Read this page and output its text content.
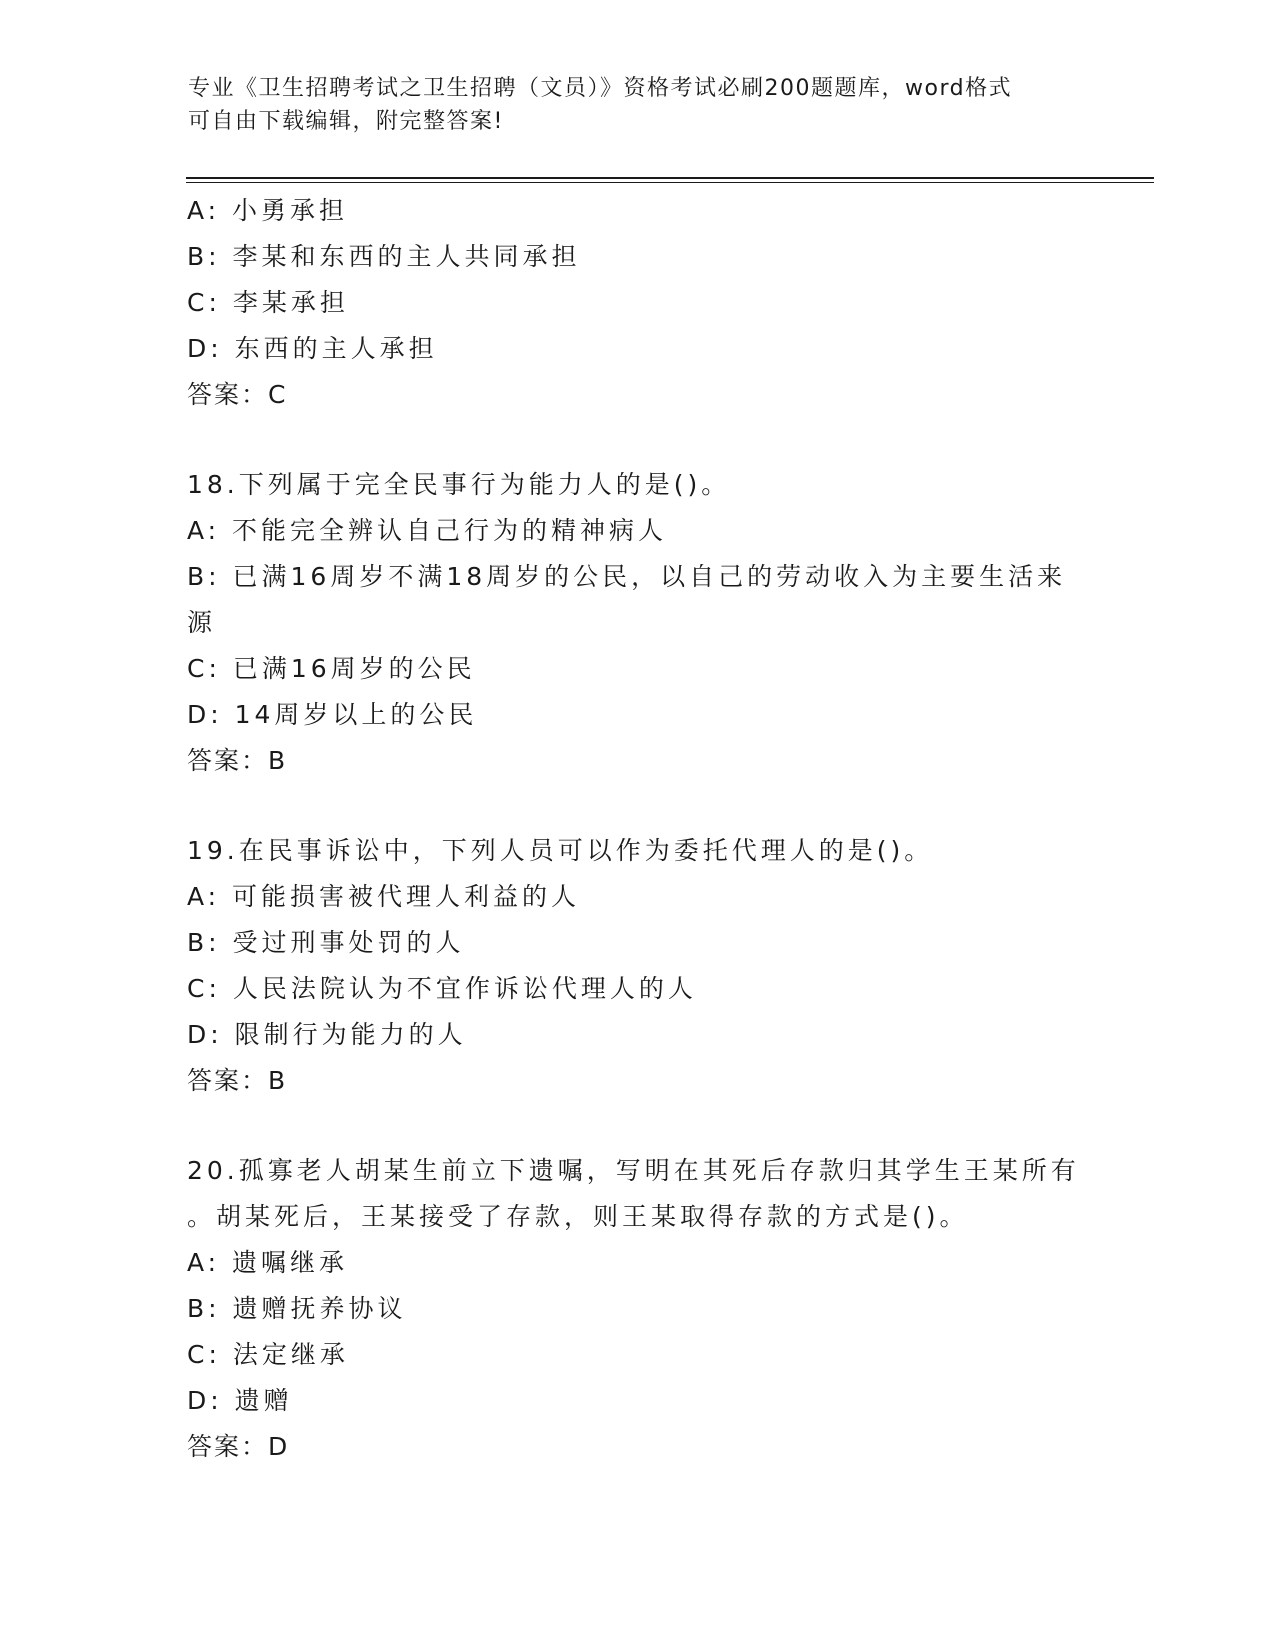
专业《卫生招聘考试之卫生招聘（文员）》资格考试必刷200题题库，word格式
可自由下载编辑，附完整答案!
A: 小勇承担
B: 李某和东西的主人共同承担
C: 李某承担
D: 东西的主人承担
答案：C
18.下列属于完全民事行为能力人的是()。
A: 不能完全辨认自己行为的精神病人
B: 已满16周岁不满18周岁的公民，以自己的劳动收入为主要生活来
源
C: 已满16周岁的公民
D: 14周岁以上的公民
答案：B
19.在民事诉讼中，下列人员可以作为委托代理人的是()。
A: 可能损害被代理人利益的人
B: 受过刑事处罚的人
C: 人民法院认为不宜作诉讼代理人的人
D: 限制行为能力的人
答案：B
20.孤寡老人胡某生前立下遗嘱，写明在其死后存款归其学生王某所有
。胡某死后，王某接受了存款，则王某取得存款的方式是()。
A: 遗嘱继承
B: 遗赠抚养协议
C: 法定继承
D: 遗赠
答案：D
